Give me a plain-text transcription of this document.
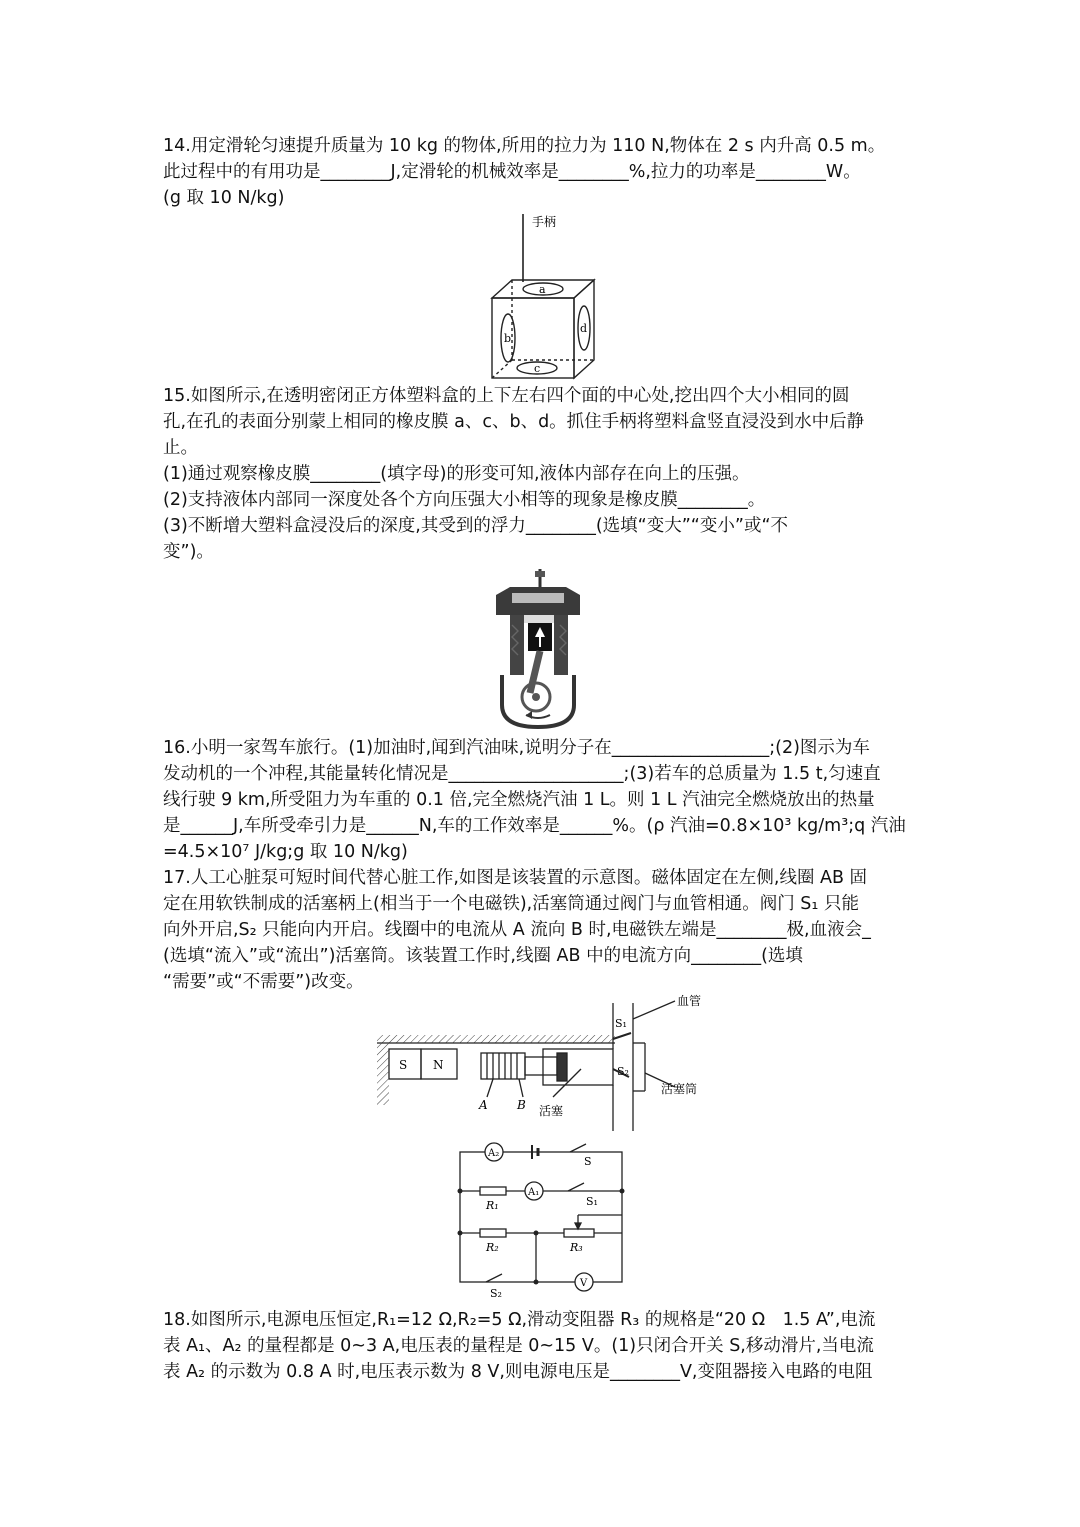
14.用定滑轮匀速提升质量为 10 kg 的物体,所用的拉力为 110 N,物体在 2 s 内升高 0.5 m。
此过程中的有用功是________J,定滑轮的机械效率是________%,拉力的功率是________W。
(g 取 10 N/kg)
手柄
a
b
c
d
15.如图所示,在透明密闭正方体塑料盒的上下左右四个面的中心处,挖出四个大小相同的圆
孔,在孔的表面分别蒙上相同的橡皮膜 a、c、b、d。抓住手柄将塑料盒竖直浸没到水中后静
止。
(1)通过观察橡皮膜________(填字母)的形变可知,液体内部存在向上的压强。
(2)支持液体内部同一深度处各个方向压强大小相等的现象是橡皮膜________。
(3)不断增大塑料盒浸没后的深度,其受到的浮力________(选填“变大”“变小”或“不
变”)。
16.小明一家驾车旅行。(1)加油时,闻到汽油味,说明分子在__________________;(2)图示为车
发动机的一个冲程,其能量转化情况是____________________;(3)若车的总质量为 1.5 t,匀速直
线行驶 9 km,所受阻力为车重的 0.1 倍,完全燃烧汽油 1 L。则 1 L 汽油完全燃烧放出的热量
是______J,车所受牵引力是______N,车的工作效率是______%。(ρ 汽油=0.8×10³ kg/m³;q 汽油
=4.5×10⁷ J/kg;g 取 10 N/kg)
17.人工心脏泵可短时间代替心脏工作,如图是该装置的示意图。磁体固定在左侧,线圈 AB 固
定在用软铁制成的活塞柄上(相当于一个电磁铁),活塞筒通过阀门与血管相通。阀门 S₁ 只能
向外开启,S₂ 只能向内开启。线圈中的电流从 A 流向 B 时,电磁铁左端是________极,血液会_
(选填“流入”或“流出”)活塞筒。该装置工作时,线圈 AB 中的电流方向________(选填
“需要”或“不需要”)改变。
S N
A B 活塞
S₁
S₂
血管
活塞筒
A₂
A₁
V
R₁
R₂	R₃
S
S₁
S₂
18.如图所示,电源电压恒定,R₁=12 Ω,R₂=5 Ω,滑动变阻器 R₃ 的规格是“20 Ω　1.5 A”,电流
表 A₁、A₂ 的量程都是 0~3 A,电压表的量程是 0~15 V。(1)只闭合开关 S,移动滑片,当电流
表 A₂ 的示数为 0.8 A 时,电压表示数为 8 V,则电源电压是________V,变阻器接入电路的电阻
